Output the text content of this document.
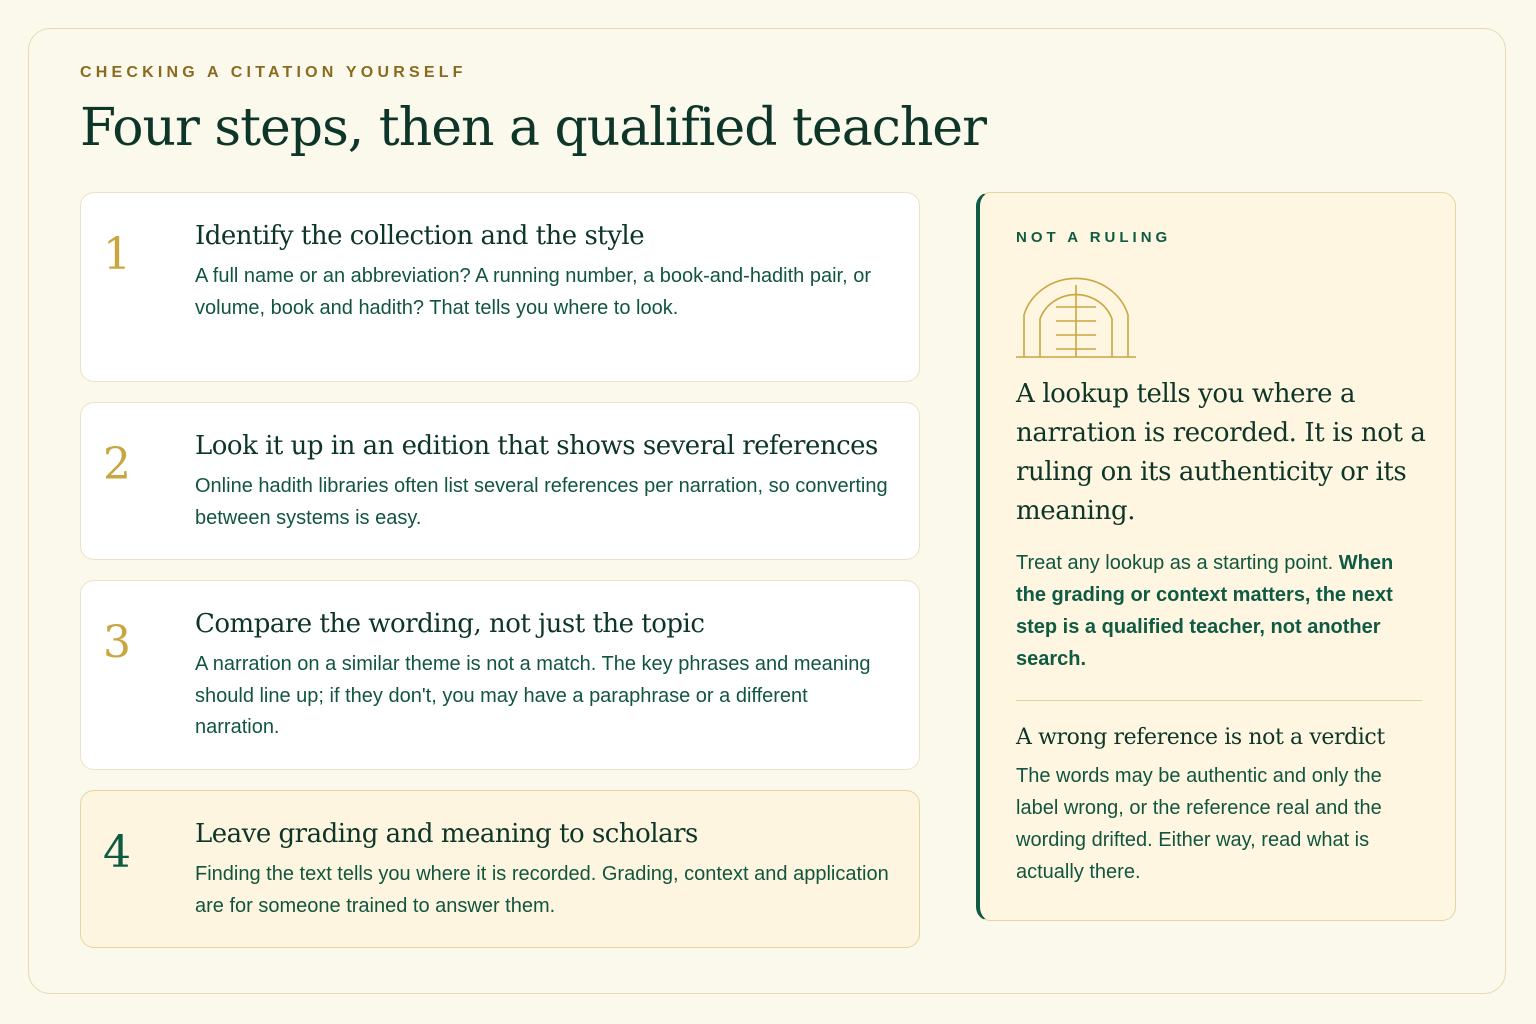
CHECKING A CITATION YOURSELF

Four steps, then a qualified teacher
1	Identify the collection and the style

A full name or an abbreviation? A running number, a book-and-hadith pair, or volume, book and hadith? That tells you where to look.

2	Look it up in an edition that shows several references

Online hadith libraries often list several references per narration, so converting between systems is easy.

3	Compare the wording, not just the topic

A narration on a similar theme is not a match. The key phrases and meaning should line up; if they don't, you may have a paraphrase or a different narration.

4	Leave grading and meaning to scholars

Finding the text tells you where it is recorded. Grading, context and application are for someone trained to answer them.

NOT A RULING

A lookup tells you where a narration is recorded. It is not a ruling on its authenticity or its meaning.

Treat any lookup as a starting point. When the grading or context matters, the next step is a qualified teacher, not another search.

A wrong reference is not a verdict

The words may be authentic and only the label wrong, or the reference real and the wording drifted. Either way, read what is actually there.
